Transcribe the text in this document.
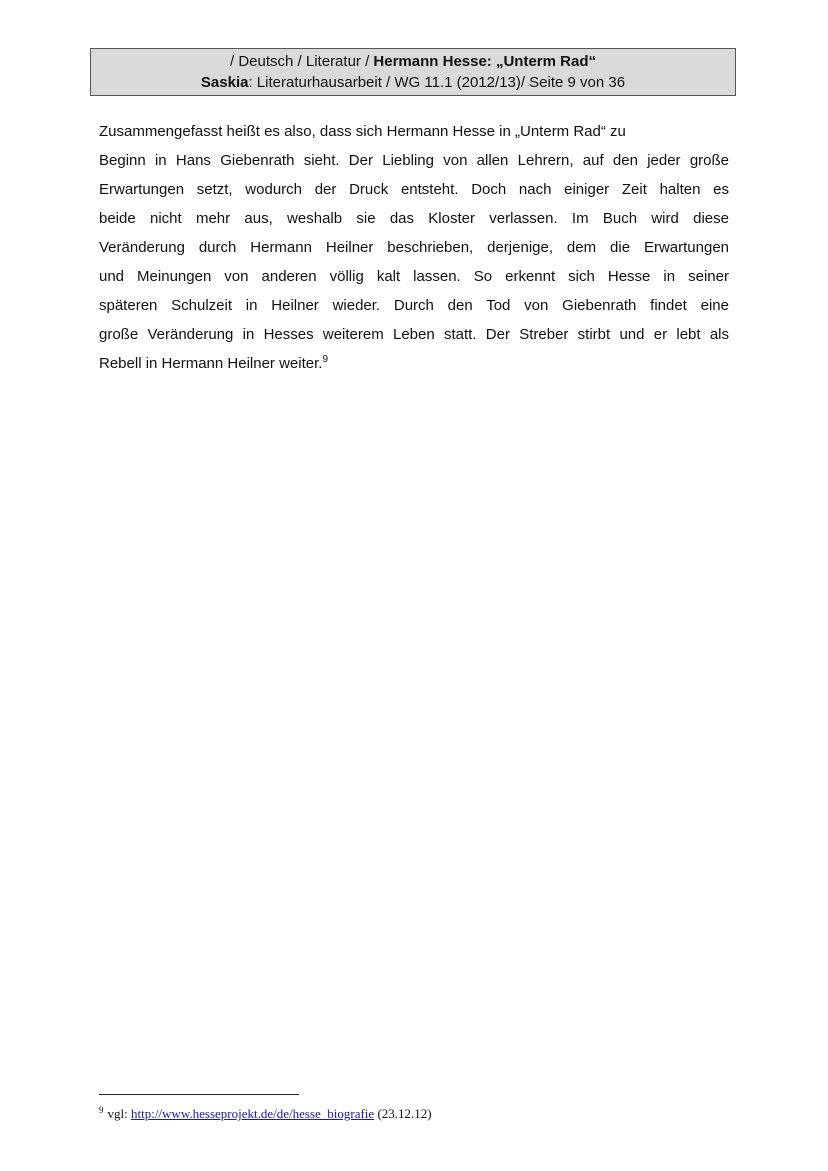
/ Deutsch / Literatur / Hermann Hesse: „Unterm Rad“
Saskia: Literaturhausarbeit / WG 11.1 (2012/13)/ Seite 9 von 36
Zusammengefasst heißt es also, dass sich Hermann Hesse in „Unterm Rad“ zu
Beginn in Hans Giebenrath sieht. Der Liebling von allen Lehrern, auf den jeder große
Erwartungen setzt, wodurch der Druck entsteht. Doch nach einiger Zeit halten es
beide nicht mehr aus, weshalb sie das Kloster verlassen. Im Buch wird diese
Veränderung durch Hermann Heilner beschrieben, derjenige, dem die Erwartungen
und Meinungen von anderen völlig kalt lassen. So erkennt sich Hesse in seiner
späteren Schulzeit in Heilner wieder. Durch den Tod von Giebenrath findet eine
große Veränderung in Hesses weiterem Leben statt. Der Streber stirbt und er lebt als
Rebell in Hermann Heilner weiter.$^9$
$^9$ vgl: http://www.hesseprojekt.de/de/hesse_biografie (23.12.12)
